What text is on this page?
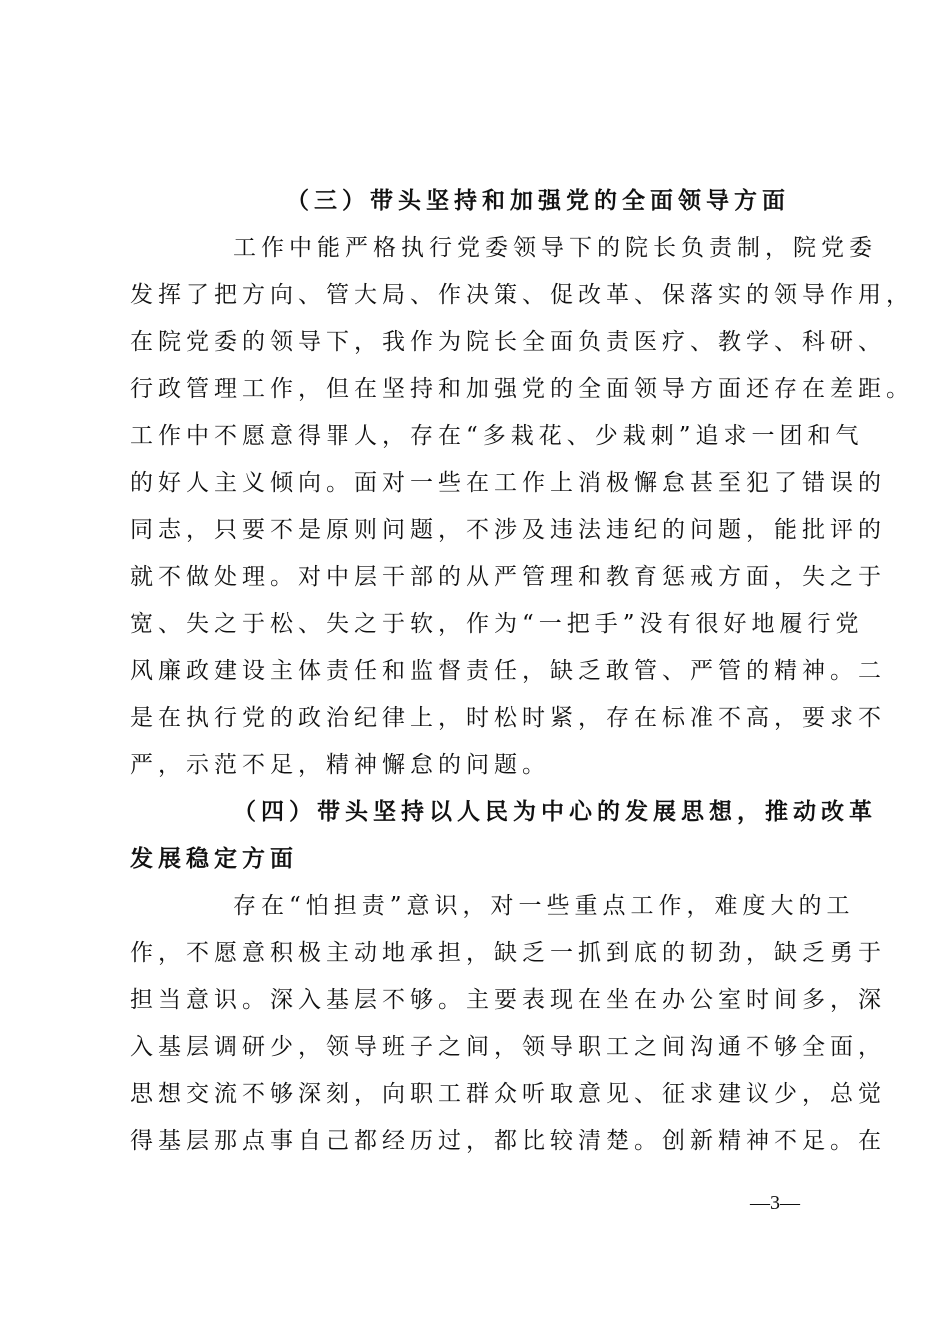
（三）带头坚持和加强党的全面领导方面
工作中能严格执行党委领导下的院长负责制，院党委
发挥了把方向、管大局、作决策、促改革、保落实的领导作用，
在院党委的领导下，我作为院长全面负责医疗、教学、科研、
行政管理工作，但在坚持和加强党的全面领导方面还存在差距。
工作中不愿意得罪人，存在“多栽花、少栽刺”追求一团和气
的好人主义倾向。面对一些在工作上消极懈怠甚至犯了错误的
同志，只要不是原则问题，不涉及违法违纪的问题，能批评的
就不做处理。对中层干部的从严管理和教育惩戒方面，失之于
宽、失之于松、失之于软，作为“一把手”没有很好地履行党
风廉政建设主体责任和监督责任，缺乏敢管、严管的精神。二
是在执行党的政治纪律上，时松时紧，存在标准不高，要求不
严，示范不足，精神懈怠的问题。
（四）带头坚持以人民为中心的发展思想，推动改革
发展稳定方面
存在“怕担责”意识，对一些重点工作，难度大的工
作，不愿意积极主动地承担，缺乏一抓到底的韧劲，缺乏勇于
担当意识。深入基层不够。主要表现在坐在办公室时间多，深
入基层调研少，领导班子之间，领导职工之间沟通不够全面，
思想交流不够深刻，向职工群众听取意见、征求建议少，总觉
得基层那点事自己都经历过，都比较清楚。创新精神不足。在
—3—
